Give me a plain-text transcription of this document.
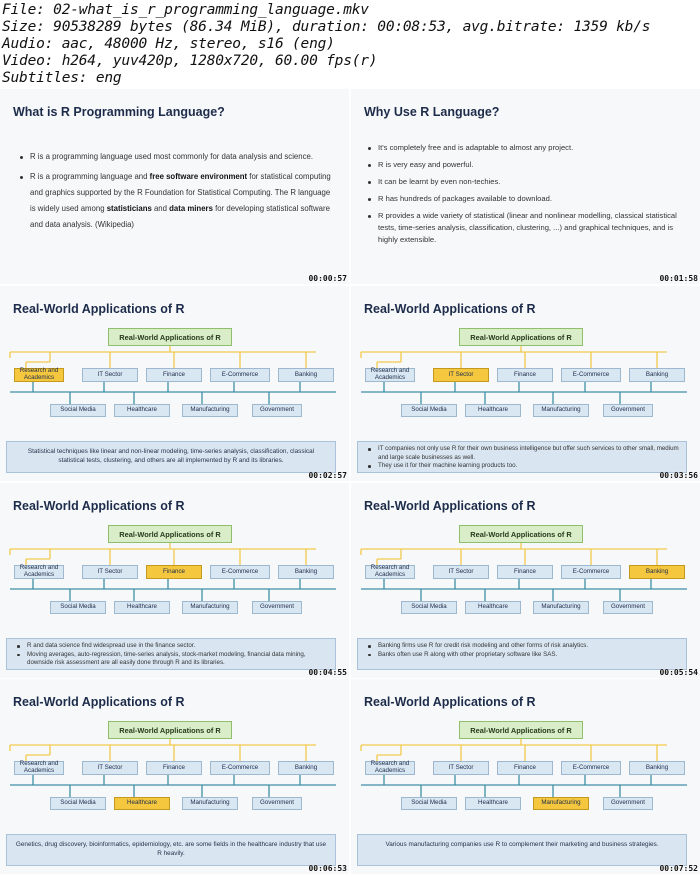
File: 02-what_is_r_programming_language.mkv
Size: 90538289 bytes (86.34 MiB), duration: 00:08:53, avg.bitrate: 1359 kb/s
Audio: aac, 48000 Hz, stereo, s16 (eng)
Video: h264, yuv420p, 1280x720, 60.00 fps(r)
Subtitles: eng
What is R Programming Language?
R is a programming language used most commonly for data analysis and science.
R is a programming language and free software environment for statistical computing and graphics supported by the R Foundation for Statistical Computing. The R language is widely used among statisticians and data miners for developing statistical software and data analysis. (Wikipedia)
00:00:57
Why Use R Language?
It's completely free and is adaptable to almost any project.
R is very easy and powerful.
It can be learnt by even non-techies.
R has hundreds of packages available to download.
R provides a wide variety of statistical (linear and nonlinear modelling, classical statistical tests, time-series analysis, classification, clustering, ...) and graphical techniques, and is highly extensible.
00:01:58
Real-World Applications of R
Real-World Applications of R
Research and Academics	IT Sector	Finance	E-Commerce	Banking
Social Media	Healthcare	Manufacturing	Government
Statistical techniques like linear and non-linear modeling, time-series analysis, classification, classical statistical tests, clustering, and others are all implemented by R and its libraries.
00:02:57
Real-World Applications of R
Real-World Applications of R
Research and Academics	IT Sector	Finance	E-Commerce	Banking
Social Media	Healthcare	Manufacturing	Government
IT companies not only use R for their own business intelligence but offer such services to other small, medium and large scale businesses as well.
They use it for their machine learning products too.
00:03:56
Real-World Applications of R
Real-World Applications of R
Research and Academics	IT Sector	Finance	E-Commerce	Banking
Social Media	Healthcare	Manufacturing	Government
R and data science find widespread use in the finance sector.
Moving averages, auto-regression, time-series analysis, stock-market modeling, financial data mining, downside risk assessment are all easily done through R and its libraries.
00:04:55
Real-World Applications of R
Real-World Applications of R
Research and Academics	IT Sector	Finance	E-Commerce	Banking
Social Media	Healthcare	Manufacturing	Government
Banking firms use R for credit risk modeling and other forms of risk analytics.
Banks often use R along with other proprietary software like SAS.
00:05:54
Real-World Applications of R
Real-World Applications of R
Research and Academics	IT Sector	Finance	E-Commerce	Banking
Social Media	Healthcare	Manufacturing	Government
Genetics, drug discovery, bioinformatics, epidemiology, etc. are some fields in the healthcare industry that use R heavily.
00:06:53
Real-World Applications of R
Real-World Applications of R
Research and Academics	IT Sector	Finance	E-Commerce	Banking
Social Media	Healthcare	Manufacturing	Government
Various manufacturing companies use R to complement their marketing and business strategies.
00:07:52
